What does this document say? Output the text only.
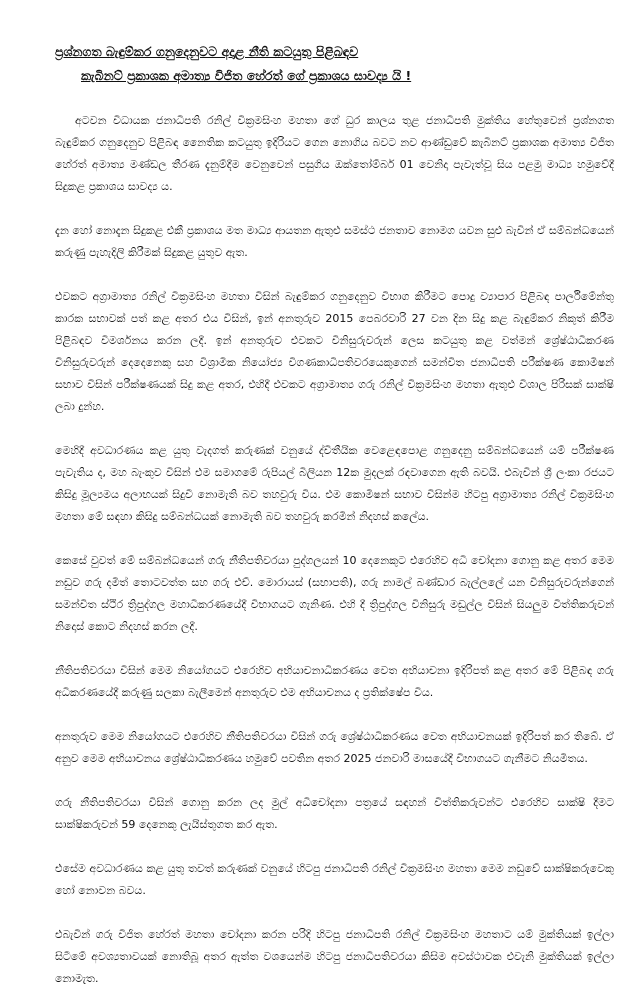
ප්‍රශ්නගත බැඳුම්කර ගනුදෙනුවට අදාළ නීති කටයුතු පිළිබඳව
කැබිනට් ප්‍රකාශක අමාත්‍ය විජිත හේරත් ගේ ප්‍රකාශය සාවද්‍ය යි !

අටවන විධායක ජනාධිපති රනිල් වික්‍රමසිංහ මහතා ගේ ධුර කාලය තුළ ජනාධිපති මුක්තිය හේතුවෙන් ප්‍රශ්නගත බැඳුම්කර ගනුදෙනුව පිළිබඳ නෛතික කටයුතු ඉදිරියට ගෙන නොගිය බවට නව ආණ්ඩුවේ කැබිනට් ප්‍රකාශක අමාත්‍ය විජිත හේරත් අමාත්‍ය මණ්ඩල තීරණ දැනුම්දීම වෙනුවෙන් පසුගිය ඔක්තෝම්බර් 01 වෙනිදා පැවැත්වූ සිය පළමු මාධ්‍ය හමුවේදී සිදුකළ ප්‍රකාශය සාවද්‍ය ය.

දැන හෝ නොදැන සිදුකළ එකී ප්‍රකාශය මත මාධ්‍ය ආයතන ඇතුළු සමස්ථ ජනතාව නොමග යවන සුළු බැවින් ඒ සම්බන්ධයෙන් කරුණු පැහැදිලි කිරීමක් සිදුකළ යුතුව ඇත.

එවකට අග්‍රාමාත්‍ය රනිල් වික්‍රමසිංහ මහතා විසින් බැඳුම්කර ගනුදෙනුව විභාග කිරීමට පොදු ව්‍යාපාර පිළිබඳ පාර්ලිමේන්තු කාරක සභාවක් පත් කළ අතර එය විසින්, ඉන් අනතුරුව 2015 පෙබරවාරි 27 වන දින සිදු කළ බැඳුම්කර නිකුත් කිරීම පිළිබඳව විමර්ශනය කරන ලදී. ඉන් අනතුරුව එවකට විනිසුරුවරුන් ලෙස කටයුතු කළ වත්මන් ශ්‍රේෂ්ඨාධිකරණ විනිසුරුවරුන් දෙදෙනෙකු සහ විශ්‍රාමික නියෝජ්‍ය විගණකාධිපතිවරයෙකුගෙන් සමන්විත ජනාධිපති පරීක්ෂණ කොමිෂන් සභාව විසින් පරීක්ෂණයක් සිදු කළ අතර, එහිදී එවකට අග්‍රාමාත්‍ය ගරු රනිල් වික්‍රමසිංහ මහතා ඇතුළු විශාල පිරිසක් සාක්ෂි ලබා දුන්හ.

මෙහිදී අවධාරණය කළ යුතු වැදගත් කරුණක් වනුයේ ද්විතීයික වෙළෙඳපොළ ගනුදෙනු සම්බන්ධයෙන් යම් පරීක්ෂණ පැවැතිය ද, මහ බැංකුව විසින් එම සමාගමේ රුපියල් බිලියන 12ක මුදලක් රඳවාගෙන ඇති බවයි. එබැවින් ශ්‍රී ලංකා රජයට කිසිදු මූල්‍යමය අලාභයක් සිදුවී නොමැති බව තහවුරු විය. එම කොමිෂන් සභාව විසින්ම හිටපු අග්‍රාමාත්‍ය රනිල් වික්‍රමසිංහ මහතා මේ සඳහා කිසිදු සම්බන්ධයක් නොමැති බව තහවුරු කරමින් නිදහස් කලේය.

කෙසේ වුවත් මේ සම්බන්ධයෙන් ගරු නීතිපතිවරයා පුද්ගලයන් 10 දෙනෙකුට එරෙහිව අධි චෝදනා ගොනු කළ අතර මෙම නඩුව ගරු දමිත් තොටවත්ත සහ ගරු එච්. මොරායස් (සභාපති), ගරු නාමල් බණ්ඩාර බැල්ලලේ යන විනිසුරුවරුන්ගෙන් සමන්විත ස්ථිර ත්‍රිපුද්ගල මහාධිකරණයේදී විභාගයට ගැනිණ. එහි දී ත්‍රිපුද්ගල විනිසුරු මඩුල්ල විසින් සියලුම විත්තිකරුවන් නිදොස් කොට නිදහස් කරන ලදී.

නීතිපතිවරයා විසින් මෙම නියෝගයට එරෙහිව අභියාචනාධිකරණය වෙත අභියාචනා ඉදිරිපත් කළ අතර මේ පිළිබඳ ගරු අධිකරණයේදී කරුණු සලකා බැලීමෙන් අනතුරුව එම අභියාචනය ද ප්‍රතික්ෂේප විය.

අනතුරුව මෙම නියෝගයට එරෙහිව නීතිපතිවරයා විසින් ගරු ශ්‍රේෂ්ඨාධිකරණය වෙත අභියාචනයක් ඉදිරිපත් කර තිබේ. ඒ අනුව මෙම අභියාචනය ශ්‍රේෂ්ඨාධිකරණය හමුවේ පවතින අතර 2025 ජනවාරි මාසයේදී විභාගයට ගැනීමට නියමිතය.

ගරු නීතිපතිවරයා විසින් ගොනු කරන ලද මුල් අධිචෝදනා පත්‍රයේ සඳහන් විත්තිකරුවන්ට එරෙහිව සාක්ෂි දීමට සාක්ෂිකරුවන් 59 දෙනෙකු ලැයිස්තුගත කර ඇත.

එසේම අවධාරණය කළ යුතු තවත් කරුණක් වනුයේ හිටපු ජනාධිපති රනිල් වික්‍රමසිංහ මහතා මෙම නඩුවේ සාක්ෂිකරුවෙකු හෝ නොවන බවය.

එබැවින් ගරු විජිත හේරත් මහතා චෝදනා කරන පරිදි හිටපු ජනාධිපති රනිල් වික්‍රමසිංහ මහතාට යම් මුක්තියක් ඉල්ලා සිටීමේ අවශ්‍යතාවයක් නොතිබූ අතර ඇත්ත වශයෙන්ම හිටපු ජනාධිපතිවරයා කිසිම අවස්ථාවක එවැනි මුක්තියක් ඉල්ලා නොමැත.
